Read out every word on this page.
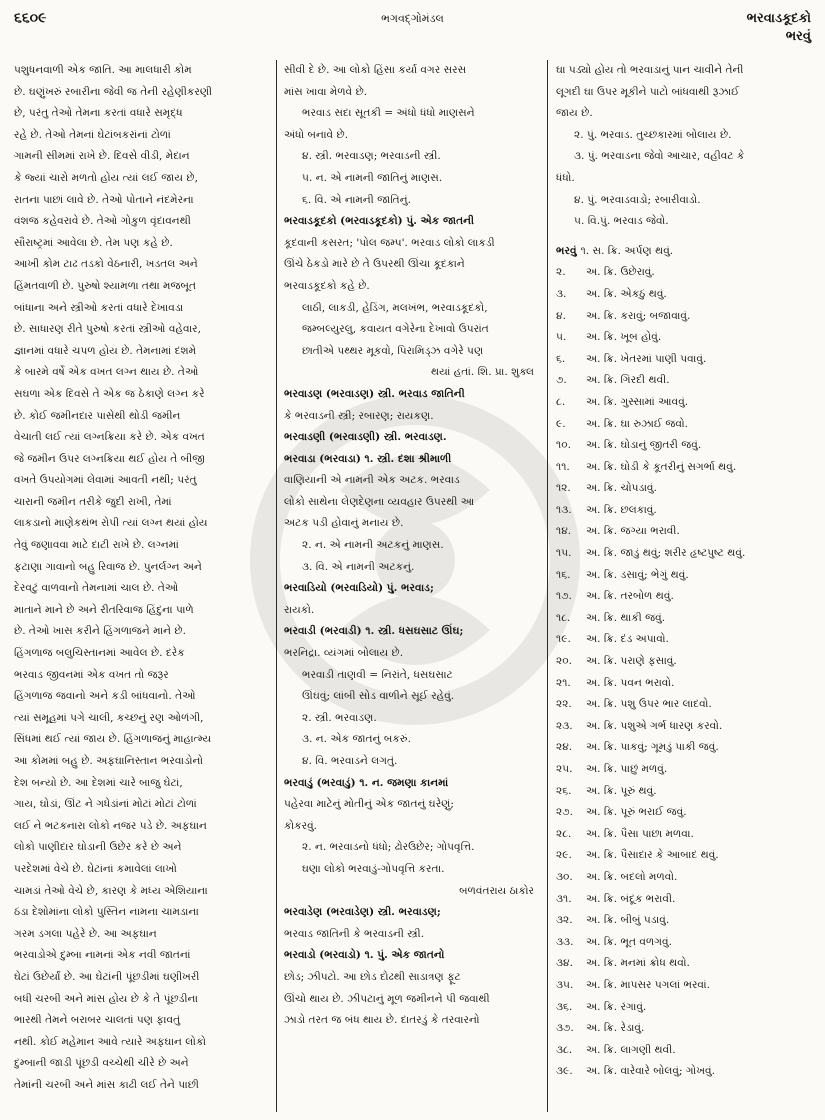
૬૬૦૯	ભગવદ્ગોમંડલ	ભરવાડકૂદકો
ભરવું
પશુધનવાળી એક જાતિ. આ માલધારી કોમ
છે. ઘણુંખરું રબારીના જેવી જ તેની રહેણીકરણી
છે, પરંતુ તેઓ તેમના કરતાં વધારે સમૃદ્ધ
રહે છે. તેઓ તેમનાં ઘેટાંબકરાંનાં ટોળાં
ગામની સીમમાં રાખે છે. દિવસે વીડી, મેદાન
કે જ્યાં ચારો મળતો હોય ત્યાં લઈ જાય છે,
રાતના પાછાં લાવે છે. તેઓ પોતાને નંદમેરના
વંશજ કહેવરાવે છે. તેઓ ગોકુળ વૃંદાવનથી
સૌરાષ્ટ્રમાં આવેલા છે. તેમ પણ કહે છે.
આખી કોમ ટાઢ તડકો વેઠનારી, ખડતલ અને
હિંમતવાળી છે. પુરુષો શ્યામળા તથા મજબૂત
બાંધાના અને સ્ત્રીઓ કરતાં વધારે દેખાવડા
છે. સાધારણ રીતે પુરુષો કરતાં સ્ત્રીઓ વહેવાર,
જ્ઞાનમાં વધારે ચપળ હોય છે. તેમનામાં દશમે
કે બારમે વર્ષે એક વખત લગ્ન થાય છે. તેઓ
સઘળા એક દિવસે તે એક જ ઠેકાણે લગ્ન કરે
છે. કોઈ જમીનદાર પાસેથી થોડી જમીન
વેચાતી લઈ ત્યાં લગ્નક્રિયા કરે છે. એક વખત
જે જમીન ઉપર લગ્નક્રિયા થઈ હોય તે બીજી
વખતે ઉપયોગમાં લેવામાં આવતી નથી; પરંતુ
ચારાની જમીન તરીકે જુદી રાખી, તેમાં
લાકડાનો માણેકથંભ રોપી ત્યાં લગ્ન થયાં હોય
તેવું જણાવવા માટે દાટી રાખે છે. લગ્નમાં
ફટાણા ગાવાનો બહુ રિવાજ છે. પુનર્લગ્ન અને
દેરવટું વાળવાનો તેમનામાં ચાલ છે. તેઓ
માતાને માને છે અને રીતરિવાજ હિંદુના પાળે
છે. તેઓ ખાસ કરીને હિંગળાજને માને છે.
હિંગળાજ બલુચિસ્તાનમાં આવેલ છે. દરેક
ભરવાડ જીવનમાં એક વખત તો જરૂર
હિંગળાજ જવાનો અને કડી બાંધવાનો. તેઓ
ત્યાં સમૂહમાં પગે ચાલી, કચ્છનું રણ ઓળંગી,
સિંધમાં થઈ ત્યાં જાય છે. હિંગળાજનું માહાત્મ્ય
આ કોમમાં બહુ છે. અફઘાનિસ્તાન ભરવાડોનો
દેશ બન્યો છે. આ દેશમાં ચારે બાજુ ઘેટાં,
ગાય, ઘોડાં, ઊંટ ને ગધેડાંનાં મોટાં મોટાં ટોળાં
લઈ ને ભટકનારા લોકો નજર પડે છે. અફઘાન
લોકો પાણીદાર ઘોડાની ઉછેર કરે છે અને
પરદેશમાં વેચે છે. ઘેટાંનાં કમાવેલાં લાખો
ચામડાં તેઓ વેચે છે, કારણ કે મધ્ય એશિયાના
ઠંડા દેશોમાંના લોકો પુસ્તિન નામના ચામડાના
ગરમ ડગલા પહેરે છે. આ અફઘાન
ભરવાડોએ દુમ્બા નામનાં એક નવી જાતનાં
ઘેટાં ઉછેર્યાં છે. આ ઘેટાંની પૂંછડીમાં ઘણીખરી
બધી ચરબી અને માંસ હોય છે કે તે પૂંછડીના
ભારથી તેમને બરાબર ચાલતાં પણ ફાવતું
નથી. કોઈ મહેમાન આવે ત્યારે અફઘાન લોકો
દુમ્બાની જાડી પૂંછડી વચ્ચેથી ચીરે છે અને
તેમાંની ચરબી અને માંસ કાઢી લઈ તેને પાછી
સીવી દે છે. આ લોકો હિંસા કર્યા વગર સરસ
માંસ ખાવા મેળવે છે.
ભરવાડ સદા સૂતકી = અંધો ધંધો માણસને
અંધો બનાવે છે.
૪. સ્ત્રી. ભરવાડણ; ભરવાડની સ્ત્રી.
૫. ન. એ નામની જાતિનું માણસ.
૬. વિ. એ નામની જાતિનું.
ભરવાડકૂદકો (ભરવાડકૂદકો) પું. એક જાતની
કૂદવાની કસરત; 'પોલ જમ્પ'. ભરવાડ લોકો લાકડી
ઊંચે ઠેકડો મારે છે તે ઉપરથી ઊંચા કૂદકાને
ભરવાડકૂદકો કહે છે.
લાઠી, લાકડી, હેડિંગ, મલખંભ, ભરવાડકૂદકો,
જમ્બલ્યુરલુ, કવાયત વગેરેના દેખાવો ઉપરાંત
છાતીએ પથ્થર મૂકવો, પિરામિડ્ઝ વગેરે પણ
થયાં હતાં. શિ. પ્રા. શુક્લ
ભરવાડણ (ભરવાડણ) સ્ત્રી. ભરવાડ જાતિની
કે ભરવાડની સ્ત્રી; રબારણ; રાયકણ.
ભરવાડણી (ભરવાડણી) સ્ત્રી. ભરવાડણ.
ભરવાડા (ભરવાડા) ૧. સ્ત્રી. દશા શ્રીમાળી
વાણિયાની એ નામની એક અટક. ભરવાડ
લોકો સાથેના લેણદેણના વ્યવહાર ઉપરથી આ
અટક પડી હોવાનું મનાય છે.
૨. ન. એ નામની અટકનું માણસ.
૩. વિ. એ નામની અટકનું.
ભરવાડિયો (ભરવાડિયો) પું. ભરવાડ;
રાયકો.
ભરવાડી (ભરવાડી) ૧. સ્ત્રી. ધસઘસાટ ઊંઘ;
ભરનિદ્રા. વ્યંગમાં બોલાય છે.
ભરવાડી તાણવી = નિરાંતે, ધસઘસાટ
ઊંઘવું; લાંબી સોડ વાળીને સૂઈ રહેવું.
૨. સ્ત્રી. ભરવાડણ.
૩. ન. એક જાતનું બકરું.
૪. વિ. ભરવાડને લગતું.
ભરવાડું (ભરવાડું) ૧. ન. જમણા કાનમાં
પહેરવા માટેનું મોતીનું એક જાતનું ઘરેણું;
કોકરવું.
૨. ન. ભરવાડનો ધંધો; ઢોરઉછેર; ગોપવૃત્તિ.
ઘણા લોકો ભરવાડું-ગોપવૃત્તિ કરતા.
બળવંતરાય ઠાકોર
ભરવાડેણ (ભરવાડેણ) સ્ત્રી. ભરવાડણ;
ભરવાડ જાતિની કે ભરવાડની સ્ત્રી.
ભરવાડો (ભરવાડો) ૧. પું. એક જાતનો
છોડ; ઝીપટો. આ છોડ દોઢથી સાડાત્રણ ફૂટ
ઊંચો થાય છે. ઝીપટાનું મૂળ જમીનને પી જવાથી
ઝાડો તરત જ બંધ થાય છે. દાતરડું કે તરવારનો
ઘા પડ્યો હોય તો ભરવાડાનું પાન ચાવીને તેની
લૂગદી ઘા ઉપર મૂકીને પાટો બાંધવાથી રૂઝાઈ
જાય છે.
૨. પું. ભરવાડ. તુચ્છકારમાં બોલાય છે.
૩. પું. ભરવાડના જેવો આચાર, વહીવટ કે
ધંધો.
૪. પું. ભરવાડવાડો; રબારીવાડો.
૫. વિ.પું. ભરવાડ જેવો.
ભરવું ૧. સ. ક્રિ. અર્પણ થવું.
૨. અ. ક્રિ. ઉછેરાવું.
૩. અ. ક્રિ. એકઠું થવું.
૪. અ. ક્રિ. કરાવું; બજાવાવું.
૫. અ. ક્રિ. ખૂબ હોવું.
૬. અ. ક્રિ. ખેતરમાં પાણી પવાવું.
૭. અ. ક્રિ. ગિરદી થવી.
૮. અ. ક્રિ. ગુસ્સામાં આવવું.
૯. અ. ક્રિ. ઘા રુઝાઈ જવો.
૧૦. અ. ક્રિ. ઘોડાનું જીતરી જવું.
૧૧. અ. ક્રિ. ઘોડી કે કૂતરીનું સગર્ભા થવું.
૧૨. અ. ક્રિ. ચોપડાવું.
૧૩. અ. ક્રિ. છલકાવું.
૧૪. અ. ક્રિ. જગ્યા ભરાવી.
૧૫. અ. ક્રિ. જાડું થવું; શરીર હૃષ્ટપુષ્ટ થવું.
૧૬. અ. ક્રિ. ડસાવું; ભેગું થવું.
૧૭. અ. ક્રિ. તરબોળ થવું.
૧૮. અ. ક્રિ. થાકી જવું.
૧૯. અ. ક્રિ. દંડ અપાવો.
૨૦. અ. ક્રિ. પરાણે ફસાવું.
૨૧. અ. ક્રિ. પવન ભરાવો.
૨૨. અ. ક્રિ. પશુ ઉપર ભાર લાદવો.
૨૩. અ. ક્રિ. પશુએ ગર્ભ ધારણ કરવો.
૨૪. અ. ક્રિ. પાકવું; ગૂમડું પાકી જવું.
૨૫. અ. ક્રિ. પાછું મળવું.
૨૬. અ. ક્રિ. પૂરું થવું.
૨૭. અ. ક્રિ. પૂરું ભરાઈ જવું.
૨૮. અ. ક્રિ. પૈસા પાછા મળવા.
૨૯. અ. ક્રિ. પૈસાદાર કે આબાદ થવું.
૩૦. અ. ક્રિ. બદલો મળવો.
૩૧. અ. ક્રિ. બંદૂક ભરાવી.
૩૨. અ. ક્રિ. બીબું પડાવું.
૩૩. અ. ક્રિ. ભૂત વળગવું.
૩૪. અ. ક્રિ. મનમાં ક્રોધ થવો.
૩૫. અ. ક્રિ. માપસર પગલાં ભરવાં.
૩૬. અ. ક્રિ. રંગાવું.
૩૭. અ. ક્રિ. રેડાવું.
૩૮. અ. ક્રિ. લાગણી થવી.
૩૯. અ. ક્રિ. વારેવારે બોલવું; ગોખવું.
